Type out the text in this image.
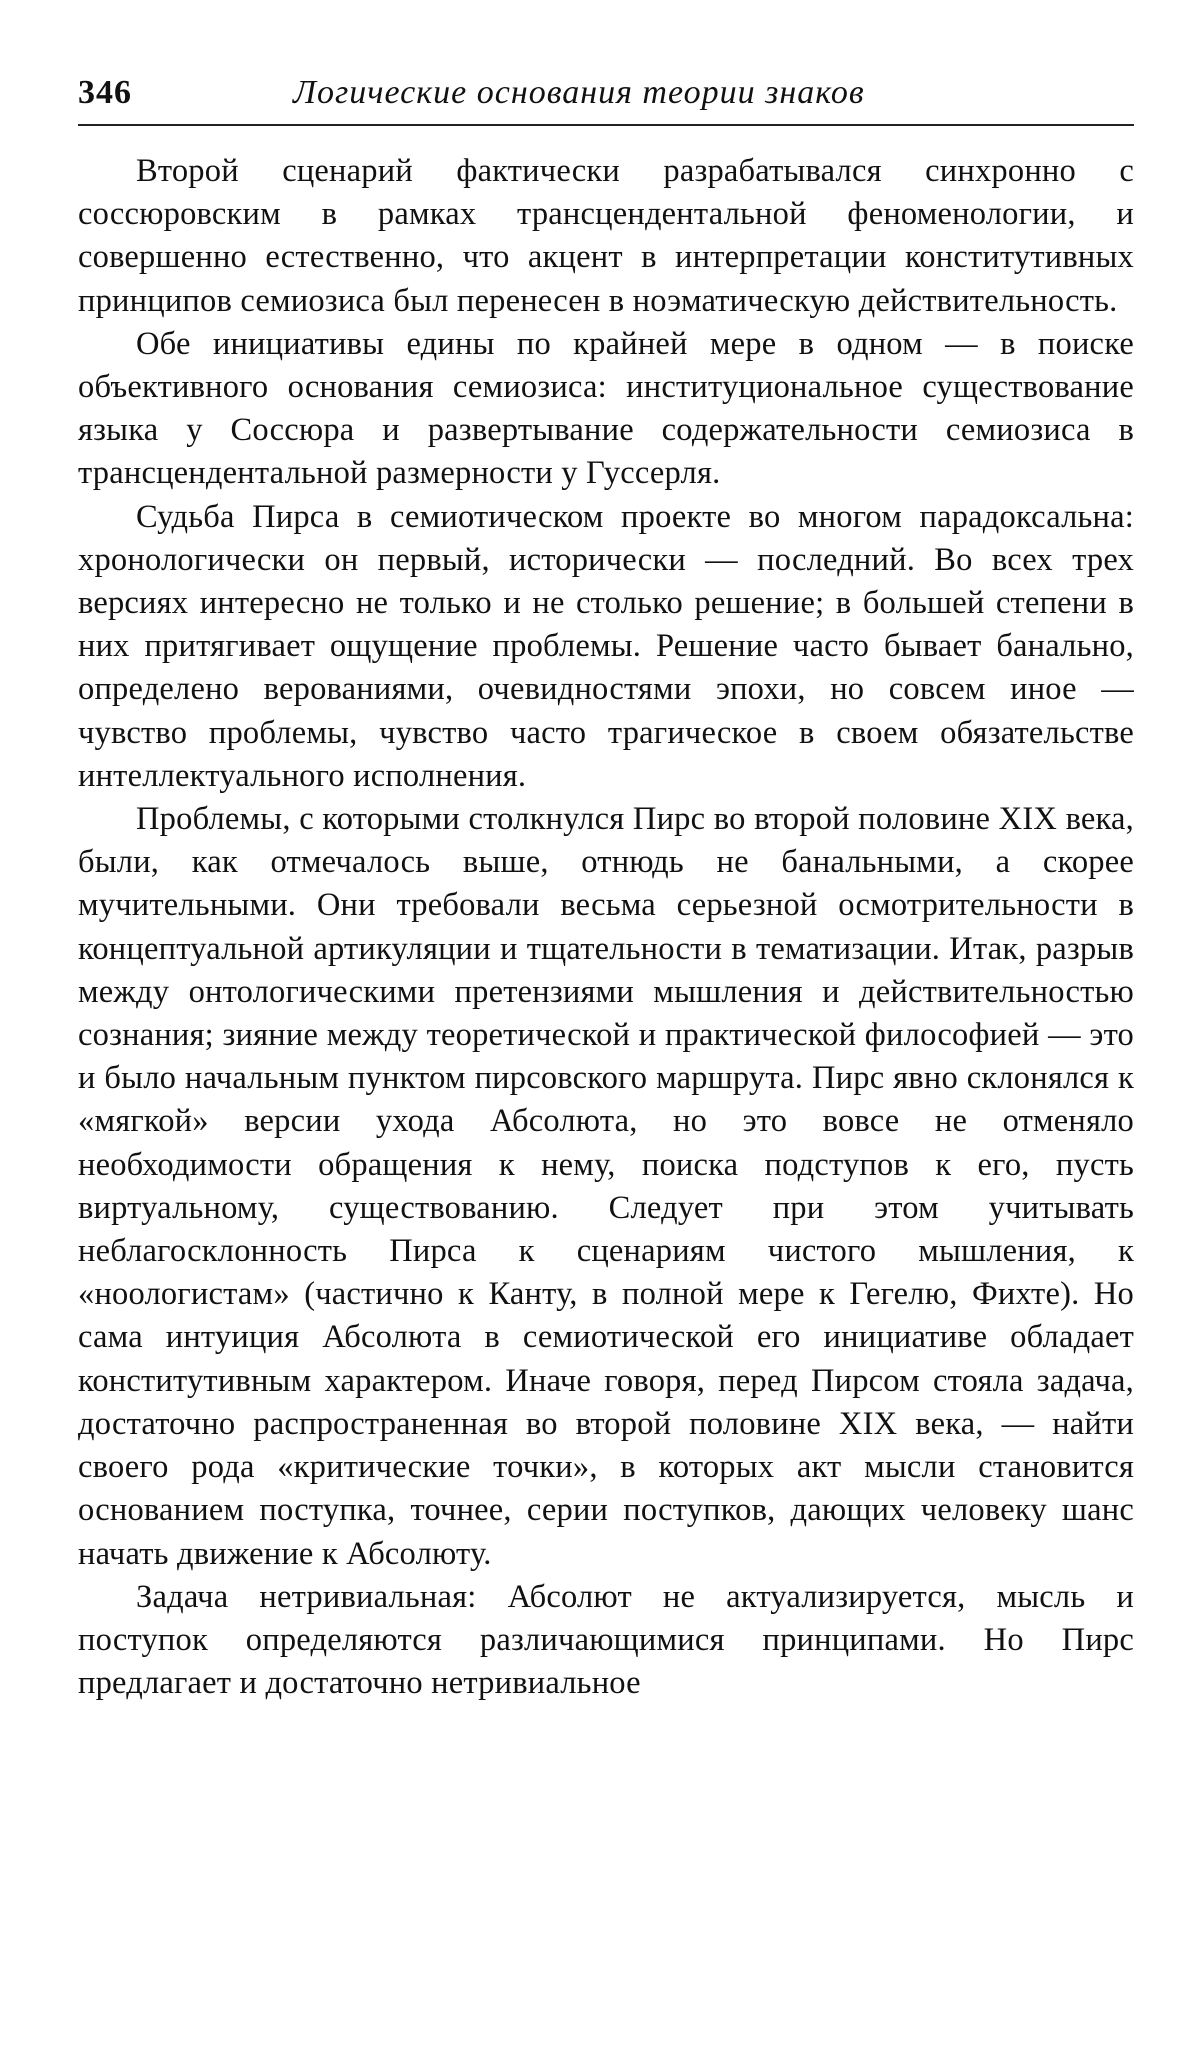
346	Логические основания теории знаков

Второй сценарий фактически разрабатывался синхронно с соссюровским в рамках трансцендентальной феноменологии, и совершенно естественно, что акцент в интерпретации конститутивных принципов семиозиса был перенесен в ноэматическую действительность.

Обе инициативы едины по крайней мере в одном — в поиске объективного основания семиозиса: институциональное существование языка у Соссюра и развертывание содержательности семиозиса в трансцендентальной размерности у Гуссерля.

Судьба Пирса в семиотическом проекте во многом парадоксальна: хронологически он первый, исторически — последний. Во всех трех версиях интересно не только и не столько решение; в большей степени в них притягивает ощущение проблемы. Решение часто бывает банально, определено верованиями, очевидностями эпохи, но совсем иное — чувство проблемы, чувство часто трагическое в своем обязательстве интеллектуального исполнения.

Проблемы, с которыми столкнулся Пирс во второй половине XIX века, были, как отмечалось выше, отнюдь не банальными, а скорее мучительными. Они требовали весьма серьезной осмотрительности в концептуальной артикуляции и тщательности в тематизации. Итак, разрыв между онтологическими претензиями мышления и действительностью сознания; зияние между теоретической и практической философией — это и было начальным пунктом пирсовского маршрута. Пирс явно склонялся к «мягкой» версии ухода Абсолюта, но это вовсе не отменяло необходимости обращения к нему, поиска подступов к его, пусть виртуальному, существованию. Следует при этом учитывать неблагосклонность Пирса к сценариям чистого мышления, к «ноологистам» (частично к Канту, в полной мере к Гегелю, Фихте). Но сама интуиция Абсолюта в семиотической его инициативе обладает конститутивным характером. Иначе говоря, перед Пирсом стояла задача, достаточно распространенная во второй половине XIX века, — найти своего рода «критические точки», в которых акт мысли становится основанием поступка, точнее, серии поступков, дающих человеку шанс начать движение к Абсолюту.

Задача нетривиальная: Абсолют не актуализируется, мысль и поступок определяются различающимися принципами. Но Пирс предлагает и достаточно нетривиальное
